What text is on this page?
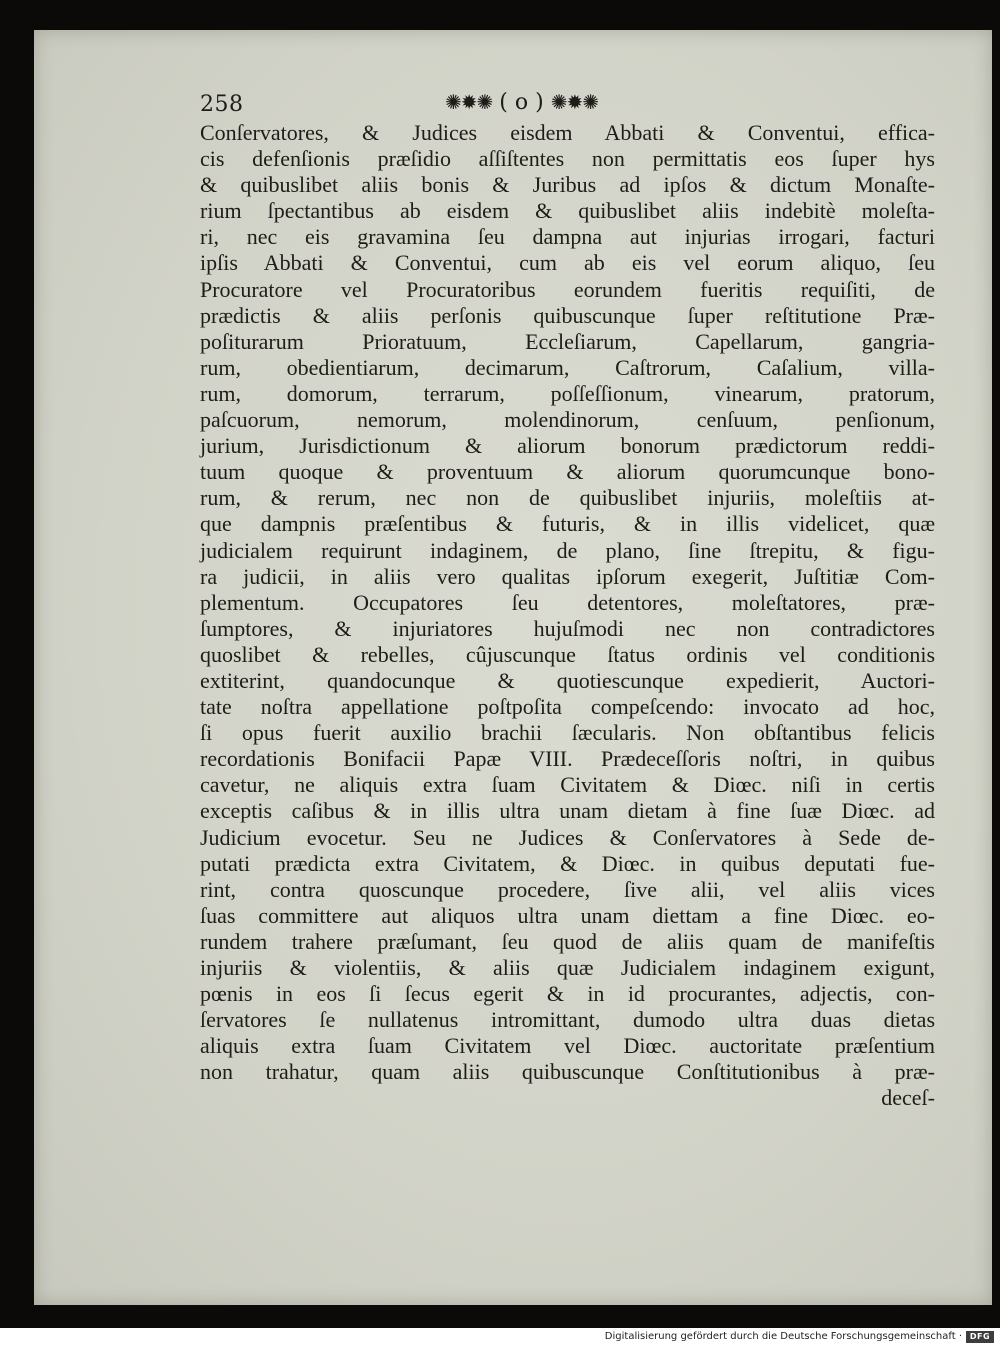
258	✺✹✺ ( o ) ✺✹✺
Conſervatores, & Judices eisdem Abbati & Conventui, effica-
cis defenſionis præſidio aſſiſtentes non permittatis eos ſuper hys
& quibuslibet aliis bonis & Juribus ad ipſos & dictum Monaſte-
rium ſpectantibus ab eisdem & quibuslibet aliis indebitè moleſta-
ri, nec eis gravamina ſeu dampna aut injurias irrogari, facturi
ipſis Abbati & Conventui, cum ab eis vel eorum aliquo, ſeu
Procuratore vel Procuratoribus eorundem fueritis requiſiti, de
prædictis & aliis perſonis quibuscunque ſuper reſtitutione Præ-
poſiturarum Prioratuum, Eccleſiarum, Capellarum, gangria-
rum, obedientiarum, decimarum, Caſtrorum, Caſalium, villa-
rum, domorum, terrarum, poſſeſſionum, vinearum, pratorum,
paſcuorum, nemorum, molendinorum, cenſuum, penſionum,
jurium, Jurisdictionum & aliorum bonorum prædictorum reddi-
tuum quoque & proventuum & aliorum quorumcunque bono-
rum, & rerum, nec non de quibuslibet injuriis, moleſtiis at-
que dampnis præſentibus & futuris, & in illis videlicet, quæ
judicialem requirunt indaginem, de plano, ſine ſtrepitu, & figu-
ra judicii, in aliis vero qualitas ipſorum exegerit, Juſtitiæ Com-
plementum. Occupatores ſeu detentores, moleſtatores, præ-
ſumptores, & injuriatores hujuſmodi nec non contradictores
quoslibet & rebelles, cûjuscunque ſtatus ordinis vel conditionis
extiterint, quandocunque & quotiescunque expedierit, Auctori-
tate noſtra appellatione poſtpoſita compeſcendo: invocato ad hoc,
ſi opus fuerit auxilio brachii ſæcularis. Non obſtantibus felicis
recordationis Bonifacii Papæ VIII. Prædeceſſoris noſtri, in quibus
cavetur, ne aliquis extra ſuam Civitatem & Diœc. niſi in certis
exceptis caſibus & in illis ultra unam dietam à fine ſuæ Diœc. ad
Judicium evocetur. Seu ne Judices & Conſervatores à Sede de-
putati prædicta extra Civitatem, & Diœc. in quibus deputati fue-
rint, contra quoscunque procedere, ſive alii, vel aliis vices
ſuas committere aut aliquos ultra unam diettam a fine Diœc. eo-
rundem trahere præſumant, ſeu quod de aliis quam de manifeſtis
injuriis & violentiis, & aliis quæ Judicialem indaginem exigunt,
pœnis in eos ſi ſecus egerit & in id procurantes, adjectis, con-
ſervatores ſe nullatenus intromittant, dumodo ultra duas dietas
aliquis extra ſuam Civitatem vel Diœc. auctoritate præſentium
non trahatur, quam aliis quibuscunque Conſtitutionibus à præ-
deceſ-
Digitalisierung gefördert durch die Deutsche Forschungsgemeinschaft · DFG
